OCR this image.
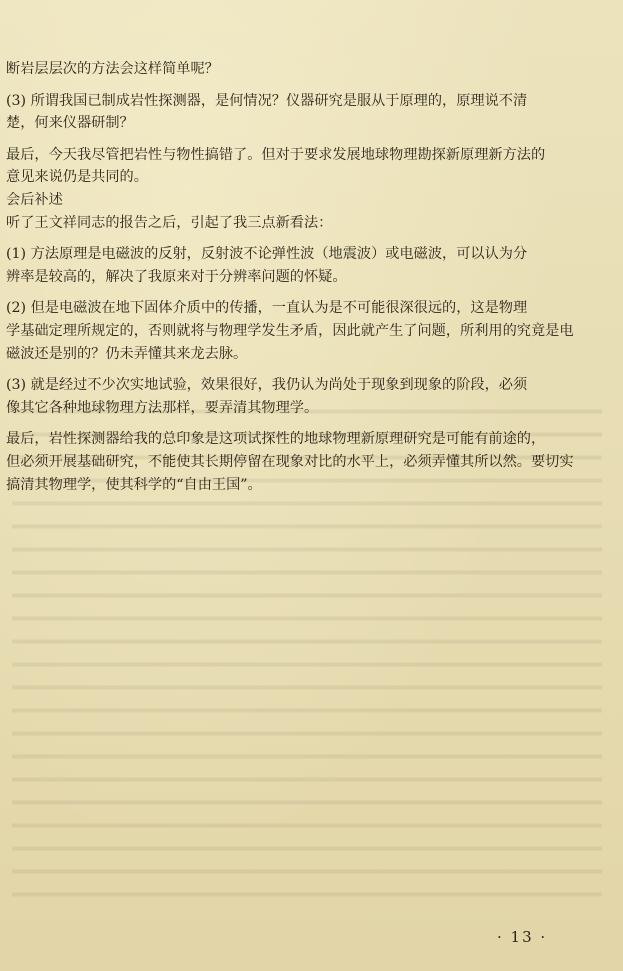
断岩层层次的方法会这样简单呢？
(3) 所谓我国已制成岩性探测器，是何情况？仪器研究是服从于原理的，原理说不清
楚，何来仪器研制？
最后，今天我尽管把岩性与物性搞错了。但对于要求发展地球物理勘探新原理新方法的
意见来说仍是共同的。
会后补述
听了王文祥同志的报告之后，引起了我三点新看法：
(1) 方法原理是电磁波的反射，反射波不论弹性波（地震波）或电磁波，可以认为分
辨率是较高的，解决了我原来对于分辨率问题的怀疑。
(2) 但是电磁波在地下固体介质中的传播，一直认为是不可能很深很远的，这是物理
学基础定理所规定的，否则就将与物理学发生矛盾，因此就产生了问题，所利用的究竟是电
磁波还是别的？仍未弄懂其来龙去脉。
(3) 就是经过不少次实地试验，效果很好，我仍认为尚处于现象到现象的阶段，必须
像其它各种地球物理方法那样，要弄清其物理学。
最后，岩性探测器给我的总印象是这项试探性的地球物理新原理研究是可能有前途的，
但必须开展基础研究，不能使其长期停留在现象对比的水平上，必须弄懂其所以然。要切实
搞清其物理学，使其科学的“自由王国”。
· 13 ·
